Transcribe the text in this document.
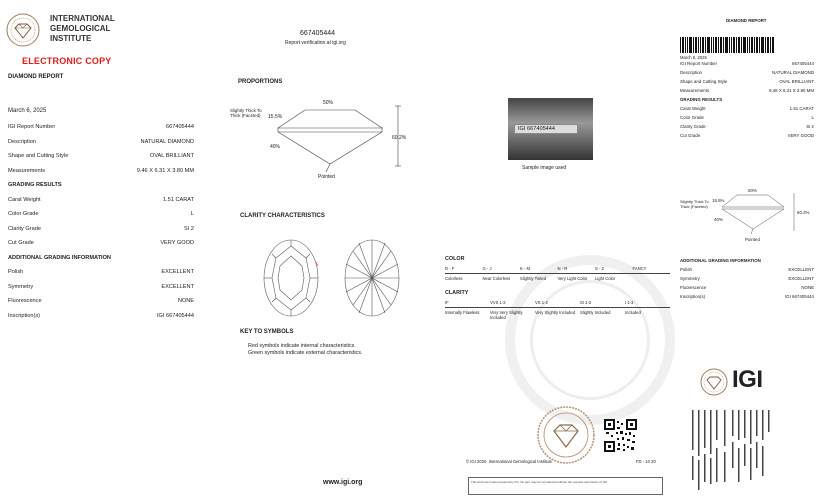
INTERNATIONAL
GEMOLOGICAL
INSTITUTE
ELECTRONIC COPY
DIAMOND REPORT
March 6, 2025
IGI Report Number	667405444
Description	NATURAL DIAMOND
Shape and Cutting Style	OVAL BRILLIANT
Measurements	9.46 X 6.31 X 3.80 MM
GRADING RESULTS
Carat Weight	1.51 CARAT
Color Grade	L
Clarity Grade	SI 2
Cut Grade	VERY GOOD
ADDITIONAL GRADING INFORMATION
Polish	EXCELLENT
Symmetry	EXCELLENT
Fluorescence	NONE
Inscription(s)	IGI 667405444
667405444
Report verification at igi.org
PROPORTIONS
50%
15.5%
40%
60.2%
Pointed
Slightly Thick To Thick (Faceted)
IGI 667405444
Sample image used
CLARITY CHARACTERISTICS
KEY TO SYMBOLS
Red symbols indicate internal characteristics.
Green symbols indicate external characteristics.
COLOR
D - F	G - J	K - M	N - R	S - Z	FANCY
Colorless	Near Colorless	Slightly Tinted	Very Light Color	Light Color
CLARITY
IF	VVS 1-2	VS 1-2	SI 1-2	I 1-3
Internally Flawless	Very Very Slightly Included
Very Slightly Included	Slightly Included	Included
© IGI 2020. International Gemological Institute	FD - 10 20
www.igi.org	This document was prepared by IGI. No part may be reproduced without the express permission of IGI.
DIAMOND REPORT
March 6, 2025
IGI Report Number	667405444
Description	NATURAL DIAMOND
Shape and Cutting Style	OVAL BRILLIANT
Measurements	9.46 X 6.31 X 3.80 MM
GRADING RESULTS
Carat Weight	1.51 CARAT
Color Grade	L
Clarity Grade	SI 2
Cut Grade	VERY GOOD
50%
15.5%
40%
60.2%
Pointed
Slightly Thick To Thick (Faceted)
ADDITIONAL GRADING INFORMATION
Polish	EXCELLENT
Symmetry	EXCELLENT
Fluorescence	NONE
Inscription(s)	IGI 667405444
IGI
